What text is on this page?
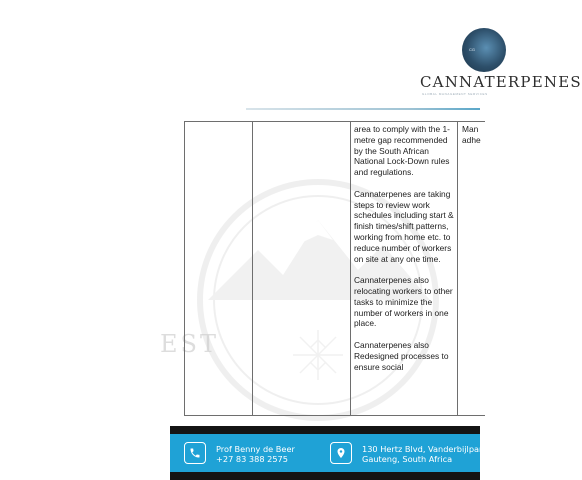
CG
CANNATERPENES
GLOBAL MANAGEMENT SERVICES
EST

area to comply with the 1-metre gap recommended by the South African National Lock-Down rules and regulations.

Cannaterpenes are taking steps to review work schedules including start & finish times/shift patterns, working from home etc. to reduce number of workers on site at any one time.

Cannaterpenes also relocating workers to other tasks to minimize the number of workers in one place.

Cannaterpenes also Redesigned processes to ensure social

Man
adhe
Prof Benny de Beer
+27 83 388 2575
130 Hertz Blvd, Vanderbijlpark
Gauteng, South Africa
